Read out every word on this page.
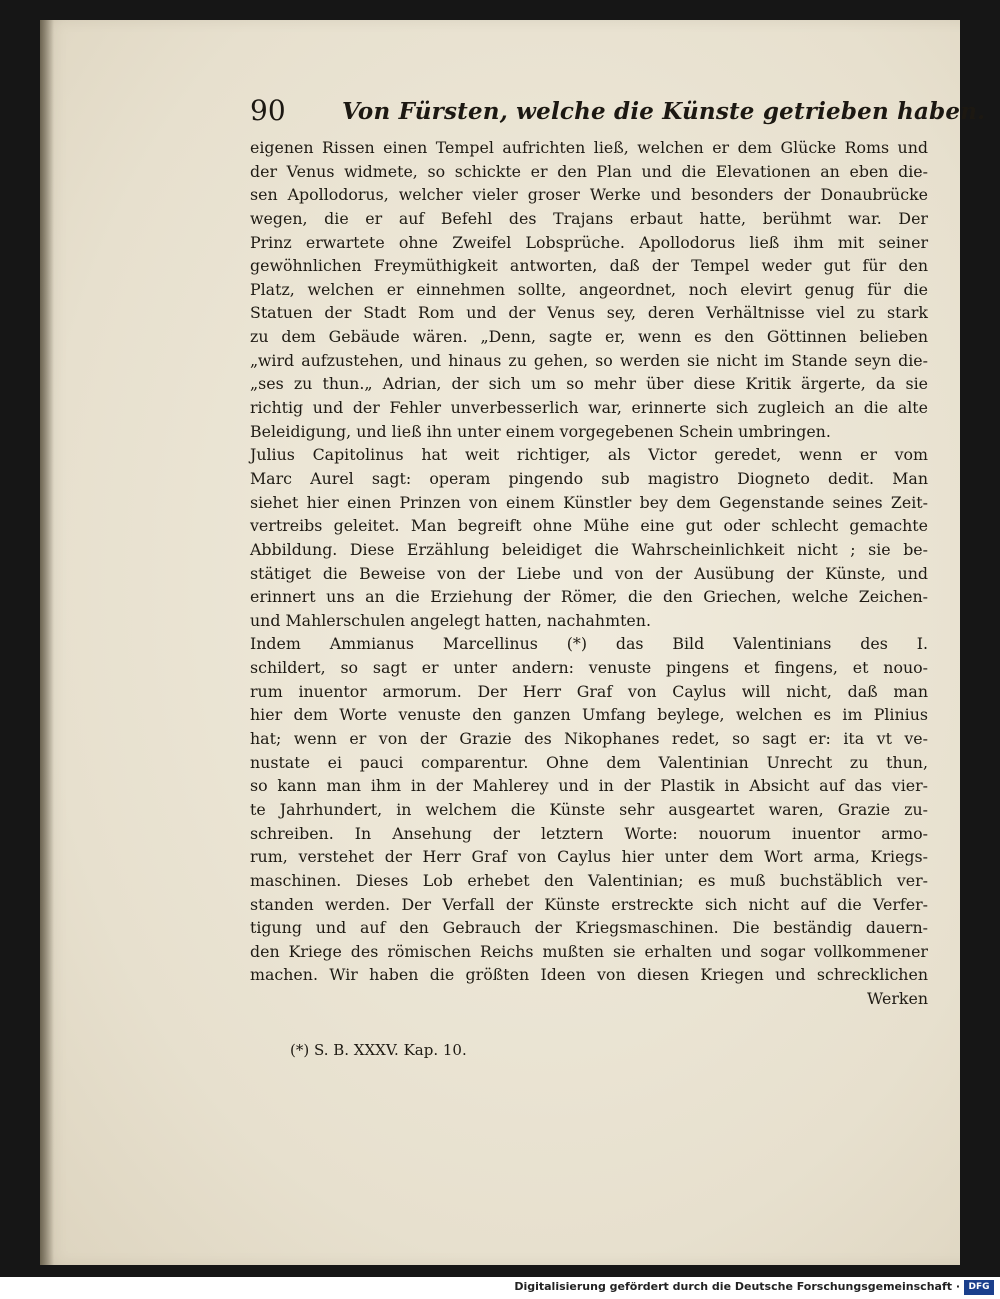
90 Von Fürsten, welche die Künste getrieben haben.
eigenen Rissen einen Tempel aufrichten ließ, welchen er dem Glücke Roms und
der Venus widmete, so schickte er den Plan und die Elevationen an eben die-
sen Apollodorus, welcher vieler groser Werke und besonders der Donaubrücke
wegen, die er auf Befehl des Trajans erbaut hatte, berühmt war. Der
Prinz erwartete ohne Zweifel Lobsprüche. Apollodorus ließ ihm mit seiner
gewöhnlichen Freymüthigkeit antworten, daß der Tempel weder gut für den
Platz, welchen er einnehmen sollte, angeordnet, noch elevirt genug für die
Statuen der Stadt Rom und der Venus sey, deren Verhältnisse viel zu stark
zu dem Gebäude wären. „Denn, sagte er, wenn es den Göttinnen belieben
„wird aufzustehen, und hinaus zu gehen, so werden sie nicht im Stande seyn die-
„ses zu thun.„ Adrian, der sich um so mehr über diese Kritik ärgerte, da sie
richtig und der Fehler unverbesserlich war, erinnerte sich zugleich an die alte
Beleidigung, und ließ ihn unter einem vorgegebenen Schein umbringen.
Julius Capitolinus hat weit richtiger, als Victor geredet, wenn er vom
Marc Aurel sagt: operam pingendo sub magistro Diogneto dedit. Man
siehet hier einen Prinzen von einem Künstler bey dem Gegenstande seines Zeit-
vertreibs geleitet. Man begreift ohne Mühe eine gut oder schlecht gemachte
Abbildung. Diese Erzählung beleidiget die Wahrscheinlichkeit nicht ; sie be-
stätiget die Beweise von der Liebe und von der Ausübung der Künste, und
erinnert uns an die Erziehung der Römer, die den Griechen, welche Zeichen-
und Mahlerschulen angelegt hatten, nachahmten.
Indem Ammianus Marcellinus (*) das Bild Valentinians des I.
schildert, so sagt er unter andern: venuste pingens et fingens, et nouo-
rum inuentor armorum. Der Herr Graf von Caylus will nicht, daß man
hier dem Worte venuste den ganzen Umfang beylege, welchen es im Plinius
hat; wenn er von der Grazie des Nikophanes redet, so sagt er: ita vt ve-
nustate ei pauci comparentur. Ohne dem Valentinian Unrecht zu thun,
so kann man ihm in der Mahlerey und in der Plastik in Absicht auf das vier-
te Jahrhundert, in welchem die Künste sehr ausgeartet waren, Grazie zu-
schreiben. In Ansehung der letztern Worte: nouorum inuentor armo-
rum, verstehet der Herr Graf von Caylus hier unter dem Wort arma, Kriegs-
maschinen. Dieses Lob erhebet den Valentinian; es muß buchstäblich ver-
standen werden. Der Verfall der Künste erstreckte sich nicht auf die Verfer-
tigung und auf den Gebrauch der Kriegsmaschinen. Die beständig dauern-
den Kriege des römischen Reichs mußten sie erhalten und sogar vollkommener
machen. Wir haben die größten Ideen von diesen Kriegen und schrecklichen
Werken
(*) S. B. XXXV. Kap. 10.
Digitalisierung gefördert durch die Deutsche Forschungsgemeinschaft · DFG
